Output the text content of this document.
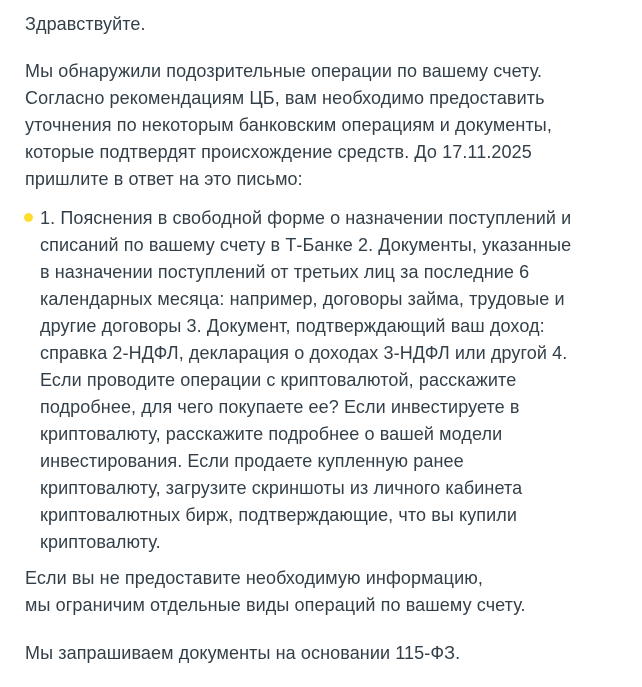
Здравствуйте.
Мы обнаружили подозрительные операции по вашему счету.
Согласно рекомендациям ЦБ, вам необходимо предоставить
уточнения по некоторым банковским операциям и документы,
которые подтвердят происхождение средств. До 17.11.2025
пришлите в ответ на это письмо:
1. Пояснения в свободной форме о назначении поступлений и
списаний по вашему счету в Т-Банке 2. Документы, указанные
в назначении поступлений от третьих лиц за последние 6
календарных месяца: например, договоры займа, трудовые и
другие договоры 3. Документ, подтверждающий ваш доход:
справка 2-НДФЛ, декларация о доходах 3-НДФЛ или другой 4.
Если проводите операции с криптовалютой, расскажите
подробнее, для чего покупаете ее? Если инвестируете в
криптовалюту, расскажите подробнее о вашей модели
инвестирования. Если продаете купленную ранее
криптовалюту, загрузите скриншоты из личного кабинета
криптовалютных бирж, подтверждающие, что вы купили
криптовалюту.
Если вы не предоставите необходимую информацию,
мы ограничим отдельные виды операций по вашему счету.
Мы запрашиваем документы на основании 115-ФЗ.
